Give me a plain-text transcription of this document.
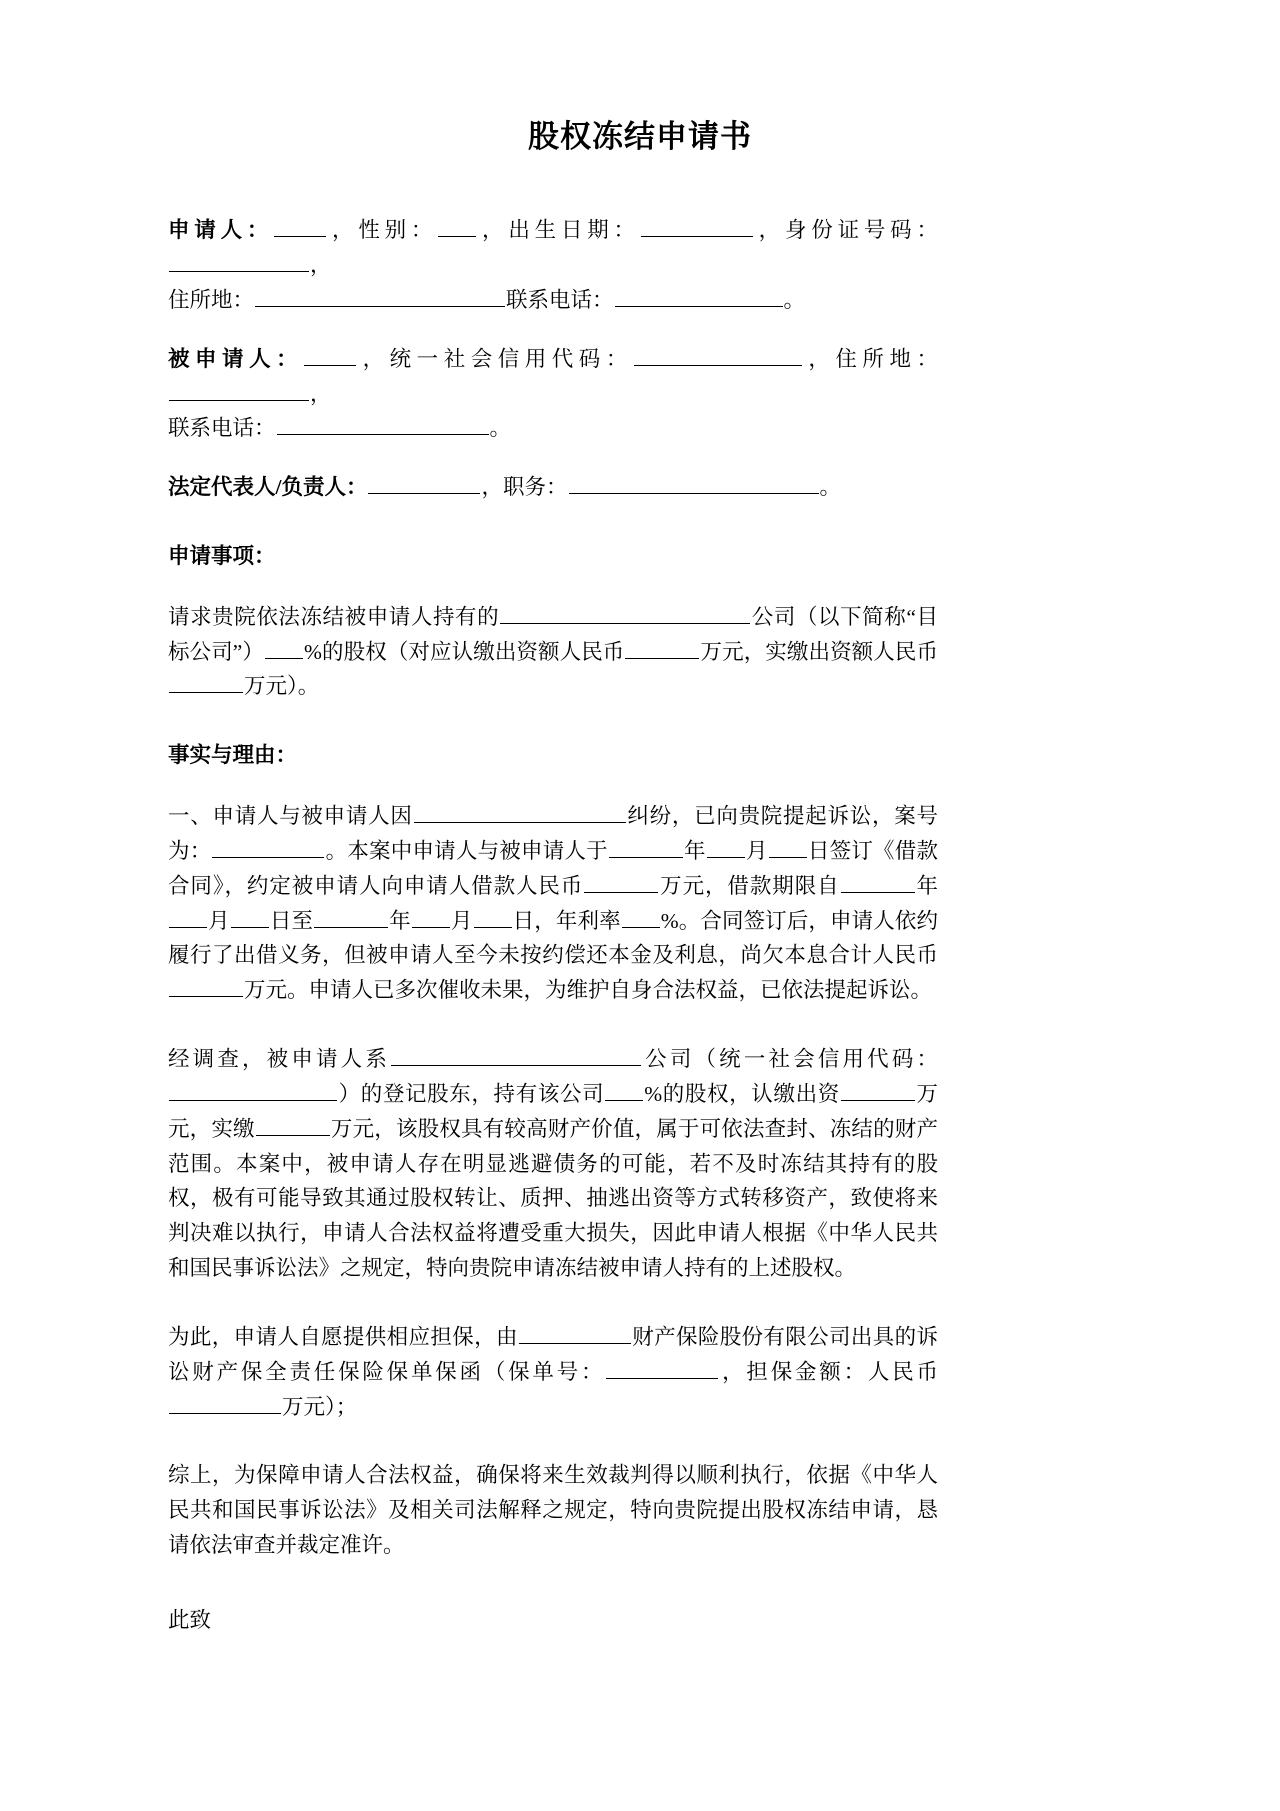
股权冻结申请书

申请人：	，性别： ，出生日期：	，身份证号码：，
住所地：	联系电话：	。

被申请人：	，统一社会信用代码：	，住所地：，
联系电话：	。

法定代表人/负责人：	，职务：	。

申请事项：

请求贵院依法冻结被申请人持有的	公司（以下简称“目标公司”） %的股权（对应认缴出资额人民币	万元，实缴出资额人民币万元）。

事实与理由：

一、申请人与被申请人因	纠纷，已向贵院提起诉讼，案号为：	。本案中申请人与被申请人于	年 月 日签订《借款合同》，约定被申请人向申请人借款人民币	万元，借款期限自	年月 日至	年 月 日，年利率 %。合同签订后，申请人依约履行了出借义务，但被申请人至今未按约偿还本金及利息，尚欠本息合计人民币万元。申请人已多次催收未果，为维护自身合法权益，已依法提起诉讼。

经调查，被申请人系	公司（统一社会信用代码：）的登记股东，持有该公司 %的股权，认缴出资	万元，实缴	万元，该股权具有较高财产价值，属于可依法查封、冻结的财产范围。本案中，被申请人存在明显逃避债务的可能，若不及时冻结其持有的股权，极有可能导致其通过股权转让、质押、抽逃出资等方式转移资产，致使将来判决难以执行，申请人合法权益将遭受重大损失，因此申请人根据《中华人民共和国民事诉讼法》之规定，特向贵院申请冻结被申请人持有的上述股权。

为此，申请人自愿提供相应担保，由	财产保险股份有限公司出具的诉讼财产保全责任保险保单保函（保单号：	，担保金额：人民币万元）；

综上，为保障申请人合法权益，确保将来生效裁判得以顺利执行，依据《中华人民共和国民事诉讼法》及相关司法解释之规定，特向贵院提出股权冻结申请，恳请依法审查并裁定准许。

此致
